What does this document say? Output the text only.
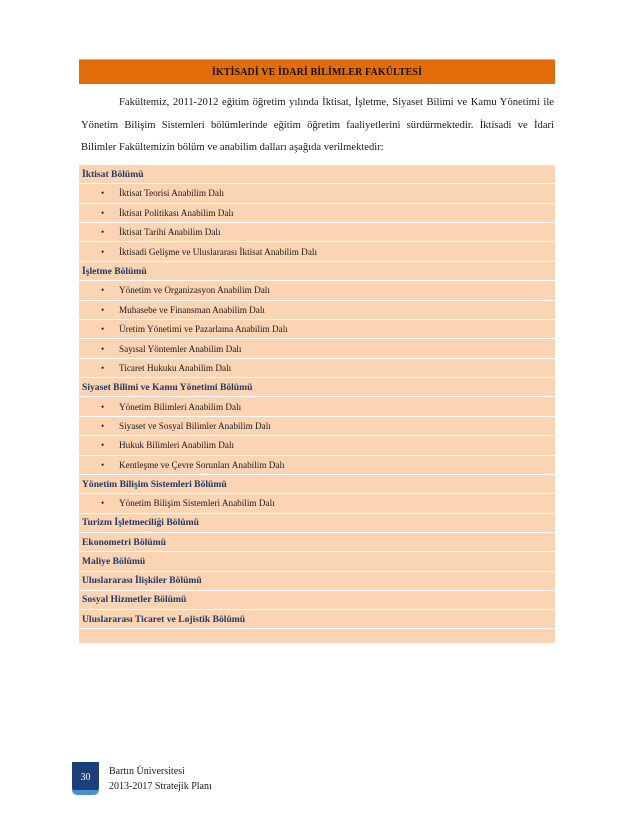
İKTİSADİ VE İDARİ BİLİMLER FAKÜLTESİ

Fakültemiz, 2011-2012 eğitim öğretim yılında İktisat, İşletme, Siyaset Bilimi ve Kamu Yönetimi ile Yönetim Bilişim Sistemleri bölümlerinde eğitim öğretim faaliyetlerini sürdürmektedir. İktisadi ve İdari Bilimler Fakültemizin bölüm ve anabilim dalları aşağıda verilmektedir:

İktisat Bölümü
•	İktisat Teorisi Anabilim Dalı
•	İktisat Politikası Anabilim Dalı
•	İktisat Tarihi Anabilim Dalı
•	İktisadi Gelişme ve Uluslararası İktisat Anabilim Dalı
İşletme Bölümü
•	Yönetim ve Organizasyon Anabilim Dalı
•	Muhasebe ve Finansman Anabilim Dalı
•	Üretim Yönetimi ve Pazarlama Anabilim Dalı
•	Sayısal Yöntemler Anabilim Dalı
•	Ticaret Hukuku Anabilim Dalı
Siyaset Bilimi ve Kamu Yönetimi Bölümü
•	Yönetim Bilimleri Anabilim Dalı
•	Siyaset ve Sosyal Bilimler Anabilim Dalı
•	Hukuk Bilimleri Anabilim Dalı
•	Kentleşme ve Çevre Sorunları Anabilim Dalı
Yönetim Bilişim Sistemleri Bölümü
•	Yönetim Bilişim Sistemleri Anabilim Dalı
Turizm İşletmeciliği Bölümü
Ekonometri Bölümü
Maliye Bölümü
Uluslararası İlişkiler Bölümü
Sosyal Hizmetler Bölümü
Uluslararası Ticaret ve Lojistik Bölümü
30 Bartın Üniversitesi
2013-2017 Stratejik Planı
